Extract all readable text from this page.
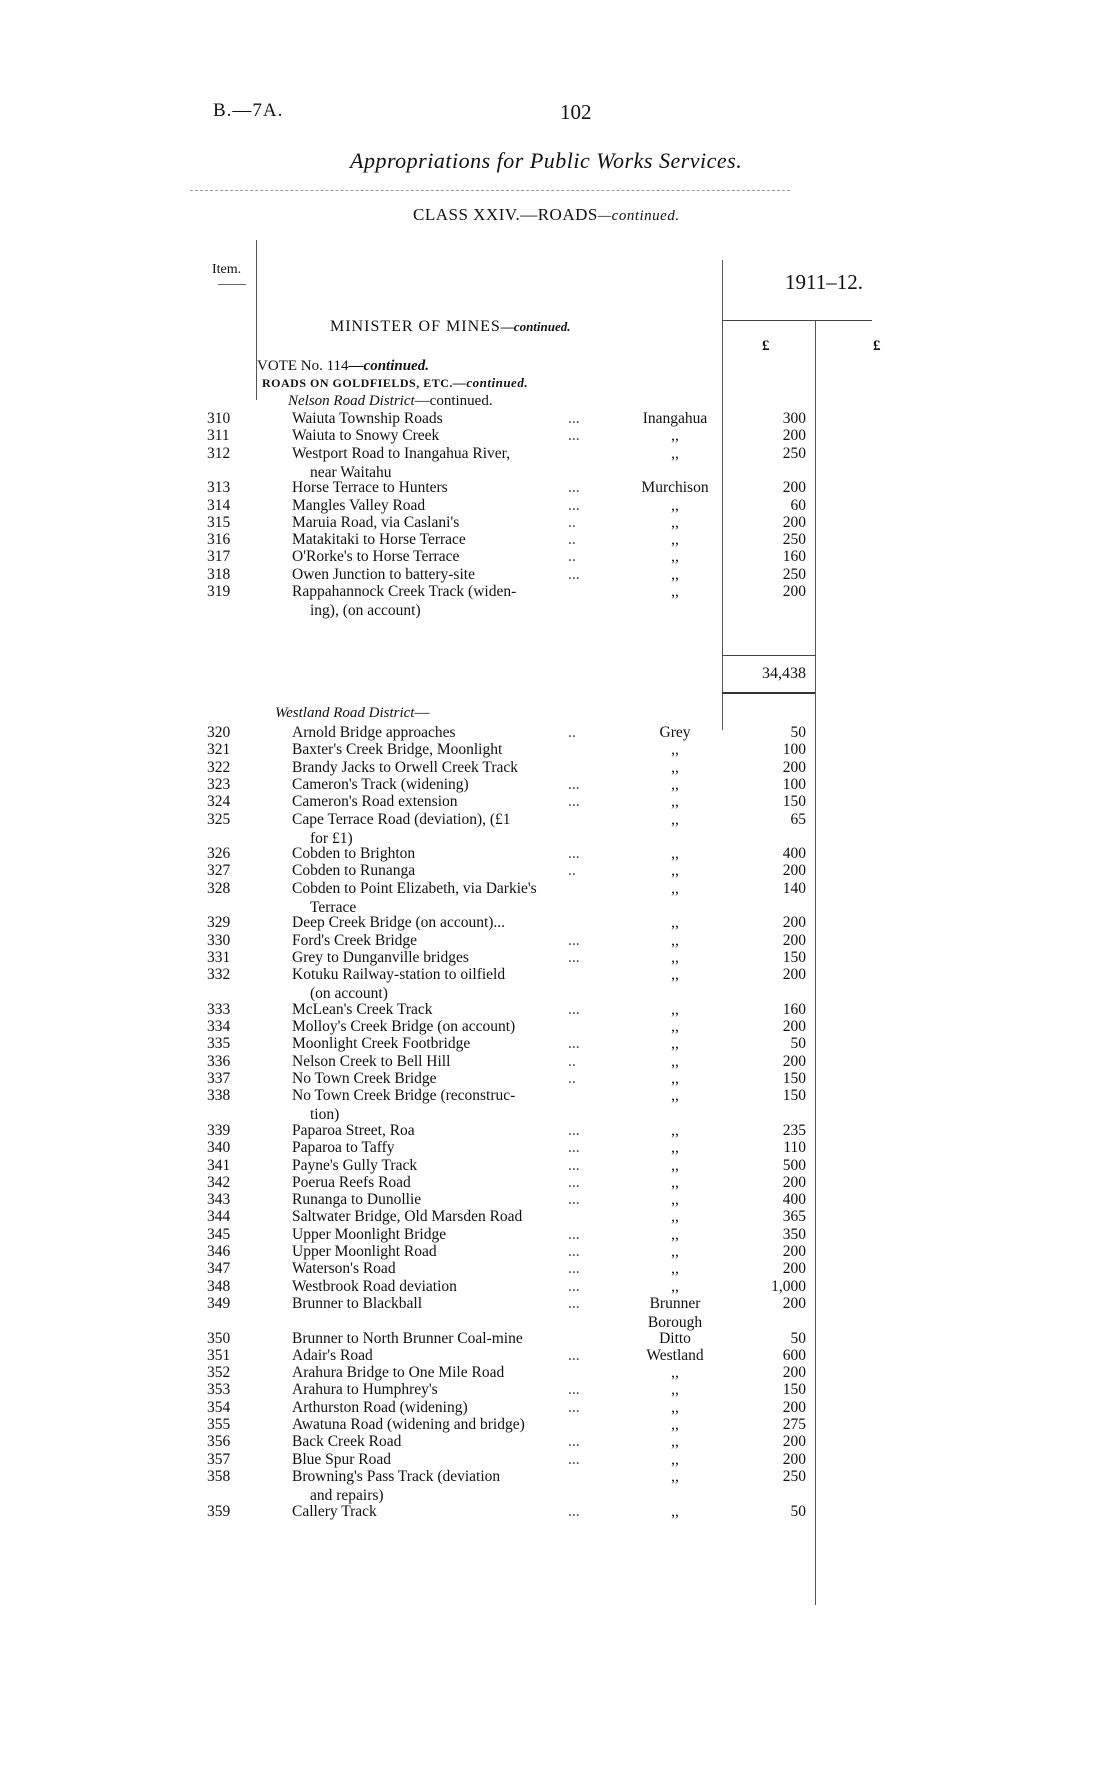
B.—7A.	102
Appropriations for Public Works Services.
CLASS XXIV.—ROADS—continued.
Item.
1911–12.
£	£
MINISTER OF MINES—continued.
VOTE No. 114—continued.
ROADS ON GOLDFIELDS, ETC.—continued.
Nelson Road District—continued.
310	Waiuta Township Roads	...	Inangahua	300
311	Waiuta to Snowy Creek	...	,,	200
312	Westport Road to Inangahua River,	,,	250
near Waitahu
313	Horse Terrace to Hunters	...	Murchison	200
314	Mangles Valley Road	...	,,	60
315	Maruia Road, via Caslani's	..	,,	200
316	Matakitaki to Horse Terrace	..	,,	250
317	O'Rorke's to Horse Terrace	..	,,	160
318	Owen Junction to battery-site	...	,,	250
319	Rappahannock Creek Track (widen-	,,	200
ing), (on account)
34,438
Westland Road District—
320	Arnold Bridge approaches	..	Grey	50
321	Baxter's Creek Bridge, Moonlight	,,	100
322	Brandy Jacks to Orwell Creek Track	,,	200
323	Cameron's Track (widening)	...	,,	100
324	Cameron's Road extension	...	,,	150
325	Cape Terrace Road (deviation), (£1	,,	65
for £1)
326	Cobden to Brighton	...	,,	400
327	Cobden to Runanga	..	,,	200
328	Cobden to Point Elizabeth, via Darkie's	,,	140
Terrace
329	Deep Creek Bridge (on account)...	,,	200
330	Ford's Creek Bridge	...	,,	200
331	Grey to Dunganville bridges	...	,,	150
332	Kotuku Railway-station to oilfield	,,	200
(on account)
333	McLean's Creek Track	...	,,	160
334	Molloy's Creek Bridge (on account)	,,	200
335	Moonlight Creek Footbridge	...	,,	50
336	Nelson Creek to Bell Hill	..	,,	200
337	No Town Creek Bridge	..	,,	150
338	No Town Creek Bridge (reconstruc-	,,	150
tion)
339	Paparoa Street, Roa	...	,,	235
340	Paparoa to Taffy	...	,,	110
341	Payne's Gully Track	...	,,	500
342	Poerua Reefs Road	...	,,	200
343	Runanga to Dunollie	...	,,	400
344	Saltwater Bridge, Old Marsden Road	,,	365
345	Upper Moonlight Bridge	...	,,	350
346	Upper Moonlight Road	...	,,	200
347	Waterson's Road	...	,,	200
348	Westbrook Road deviation	...	,,	1,000
349	Brunner to Blackball	...	Brunner	200
Borough
350	Brunner to North Brunner Coal-mine	Ditto	50
351	Adair's Road	...	Westland	600
352	Arahura Bridge to One Mile Road	,,	200
353	Arahura to Humphrey's	...	,,	150
354	Arthurston Road (widening)	...	,,	200
355	Awatuna Road (widening and bridge)	,,	275
356	Back Creek Road	...	,,	200
357	Blue Spur Road	...	,,	200
358	Browning's Pass Track (deviation	,,	250
and repairs)
359	Callery Track	...	,,	50
